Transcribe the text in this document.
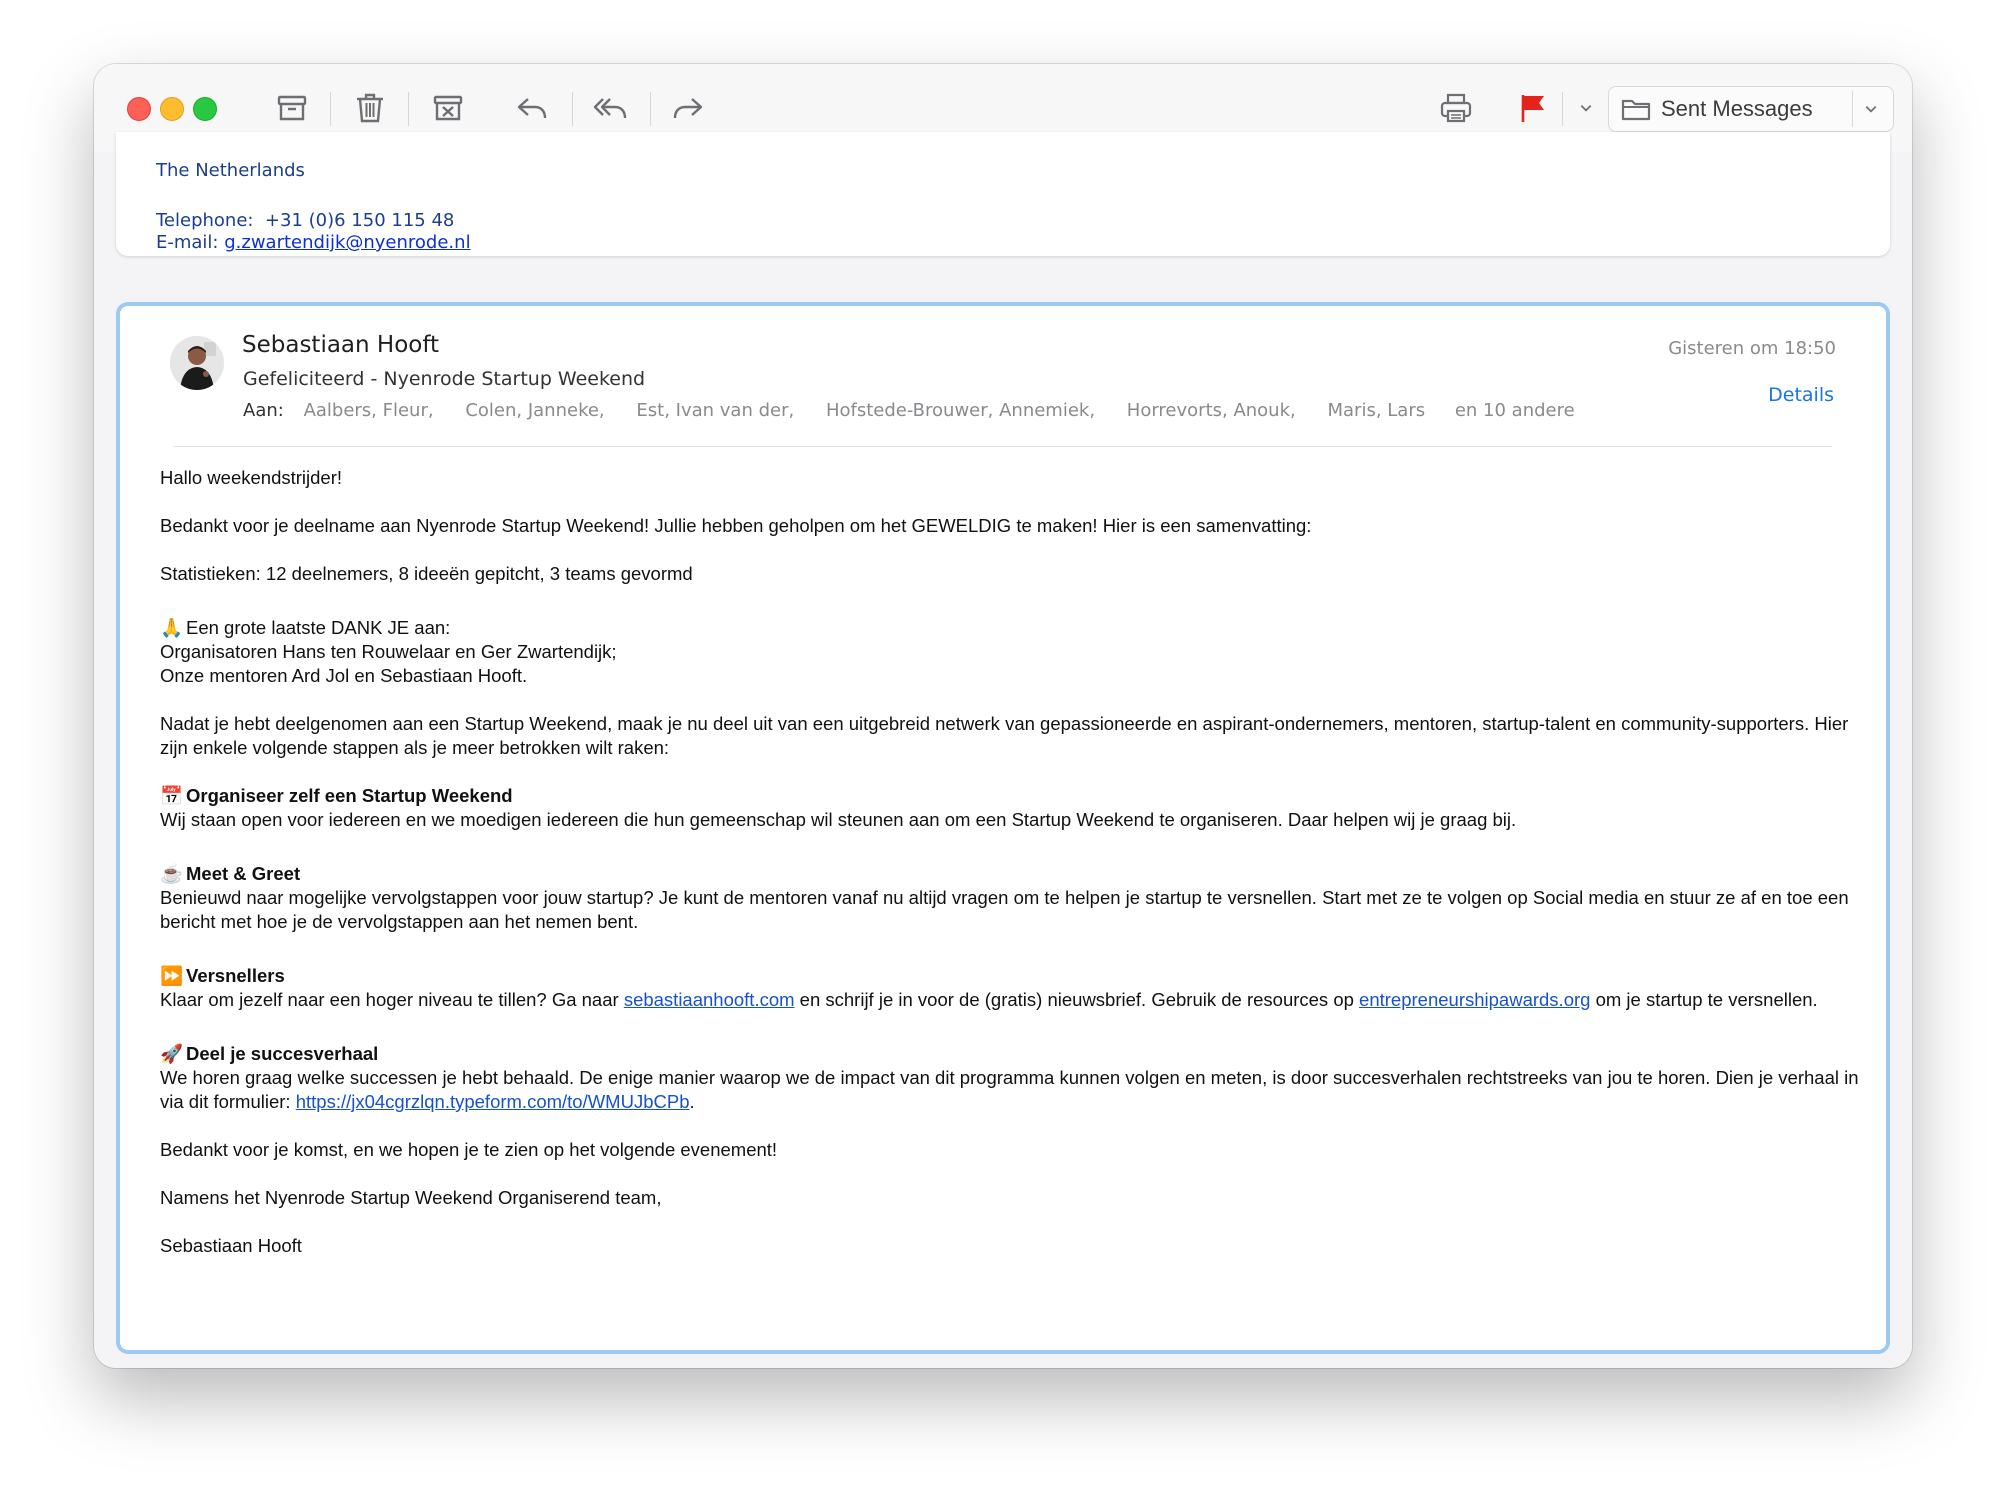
Sent Messages
The Netherlands
Telephone:  +31 (0)6 150 115 48
E-mail: g.zwartendijk@nyenrode.nl
Sebastiaan Hooft
Gefeliciteerd - Nyenrode Startup Weekend
Aan: Aalbers, Fleur, Colen, Janneke, Est, Ivan van der, Hofstede-Brouwer, Annemiek, Horrevorts, Anouk, Maris, Lars en 10 andere
Gisteren om 18:50
Details

Hallo weekendstrijder!

Bedankt voor je deelname aan Nyenrode Startup Weekend! Jullie hebben geholpen om het GEWELDIG te maken! Hier is een samenvatting:

Statistieken: 12 deelnemers, 8 ideeën gepitcht, 3 teams gevormd

🙏 Een grote laatste DANK JE aan:

Organisatoren Hans ten Rouwelaar en Ger Zwartendijk;

Onze mentoren Ard Jol en Sebastiaan Hooft.

Nadat je hebt deelgenomen aan een Startup Weekend, maak je nu deel uit van een uitgebreid netwerk van gepassioneerde en aspirant-ondernemers, mentoren, startup-talent en community-supporters. Hier zijn enkele volgende stappen als je meer betrokken wilt raken:

📅 Organiseer zelf een Startup Weekend

Wij staan open voor iedereen en we moedigen iedereen die hun gemeenschap wil steunen aan om een Startup Weekend te organiseren. Daar helpen wij je graag bij.

☕ Meet & Greet

Benieuwd naar mogelijke vervolgstappen voor jouw startup? Je kunt de mentoren vanaf nu altijd vragen om te helpen je startup te versnellen. Start met ze te volgen op Social media en stuur ze af en toe een bericht met hoe je de vervolgstappen aan het nemen bent.

⏩ Versnellers

Klaar om jezelf naar een hoger niveau te tillen? Ga naar sebastiaanhooft.com en schrijf je in voor de (gratis) nieuwsbrief. Gebruik de resources op entrepreneurshipawards.org om je startup te versnellen.

🚀 Deel je succesverhaal

We horen graag welke successen je hebt behaald. De enige manier waarop we de impact van dit programma kunnen volgen en meten, is door succesverhalen rechtstreeks van jou te horen. Dien je verhaal in via dit formulier: https://jx04cgrzlqn.typeform.com/to/WMUJbCPb.

Bedankt voor je komst, en we hopen je te zien op het volgende evenement!

Namens het Nyenrode Startup Weekend Organiserend team,

Sebastiaan Hooft
